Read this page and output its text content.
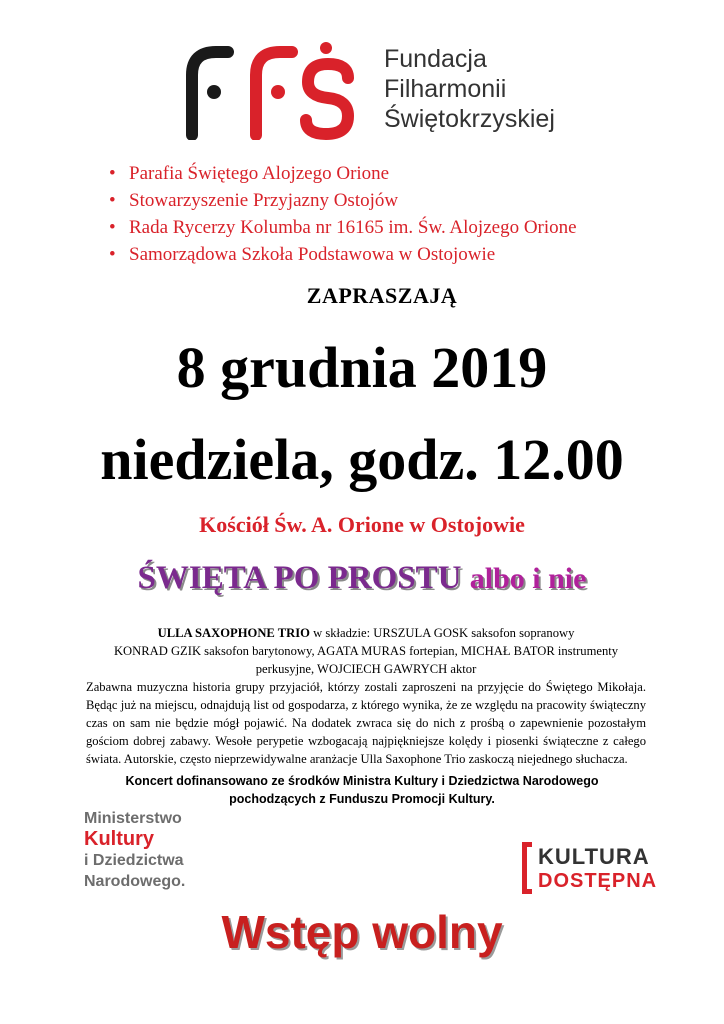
Fundacja
Filharmonii
Świętokrzyskiej
• Parafia Świętego Alojzego Orione
• Stowarzyszenie Przyjazny Ostojów
• Rada Rycerzy Kolumba nr 16165 im. Św. Alojzego Orione
• Samorządowa Szkoła Podstawowa w Ostojowie
ZAPRASZAJĄ
8 grudnia 2019
niedziela, godz. 12.00
Kościół Św. A. Orione w Ostojowie
ŚWIĘTA PO PROSTU albo i nie
ULLA SAXOPHONE TRIO w składzie: URSZULA GOSK saksofon sopranowy
KONRAD GZIK saksofon barytonowy, AGATA MURAS fortepian, MICHAŁ BATOR instrumenty
perkusyjne, WOJCIECH GAWRYCH aktor
Zabawna muzyczna historia grupy przyjaciół, którzy zostali zaproszeni na przyjęcie do Świętego Mikołaja. Będąc już na miejscu, odnajdują list od gospodarza, z którego wynika, że ze względu na pracowity świąteczny czas on sam nie będzie mógł pojawić. Na dodatek zwraca się do nich z prośbą o zapewnienie pozostałym gościom dobrej zabawy. Wesołe perypetie wzbogacają najpiękniejsze kolędy i piosenki świąteczne z całego świata. Autorskie, często nieprzewidywalne aranżacje Ulla Saxophone Trio zaskoczą niejednego słuchacza.
Koncert dofinansowano ze środków Ministra Kultury i Dziedzictwa Narodowego
pochodzących z Funduszu Promocji Kultury.
Ministerstwo
Kultury
i Dziedzictwa
Narodowego.
KULTURA
DOSTĘPNA
Wstęp wolny
